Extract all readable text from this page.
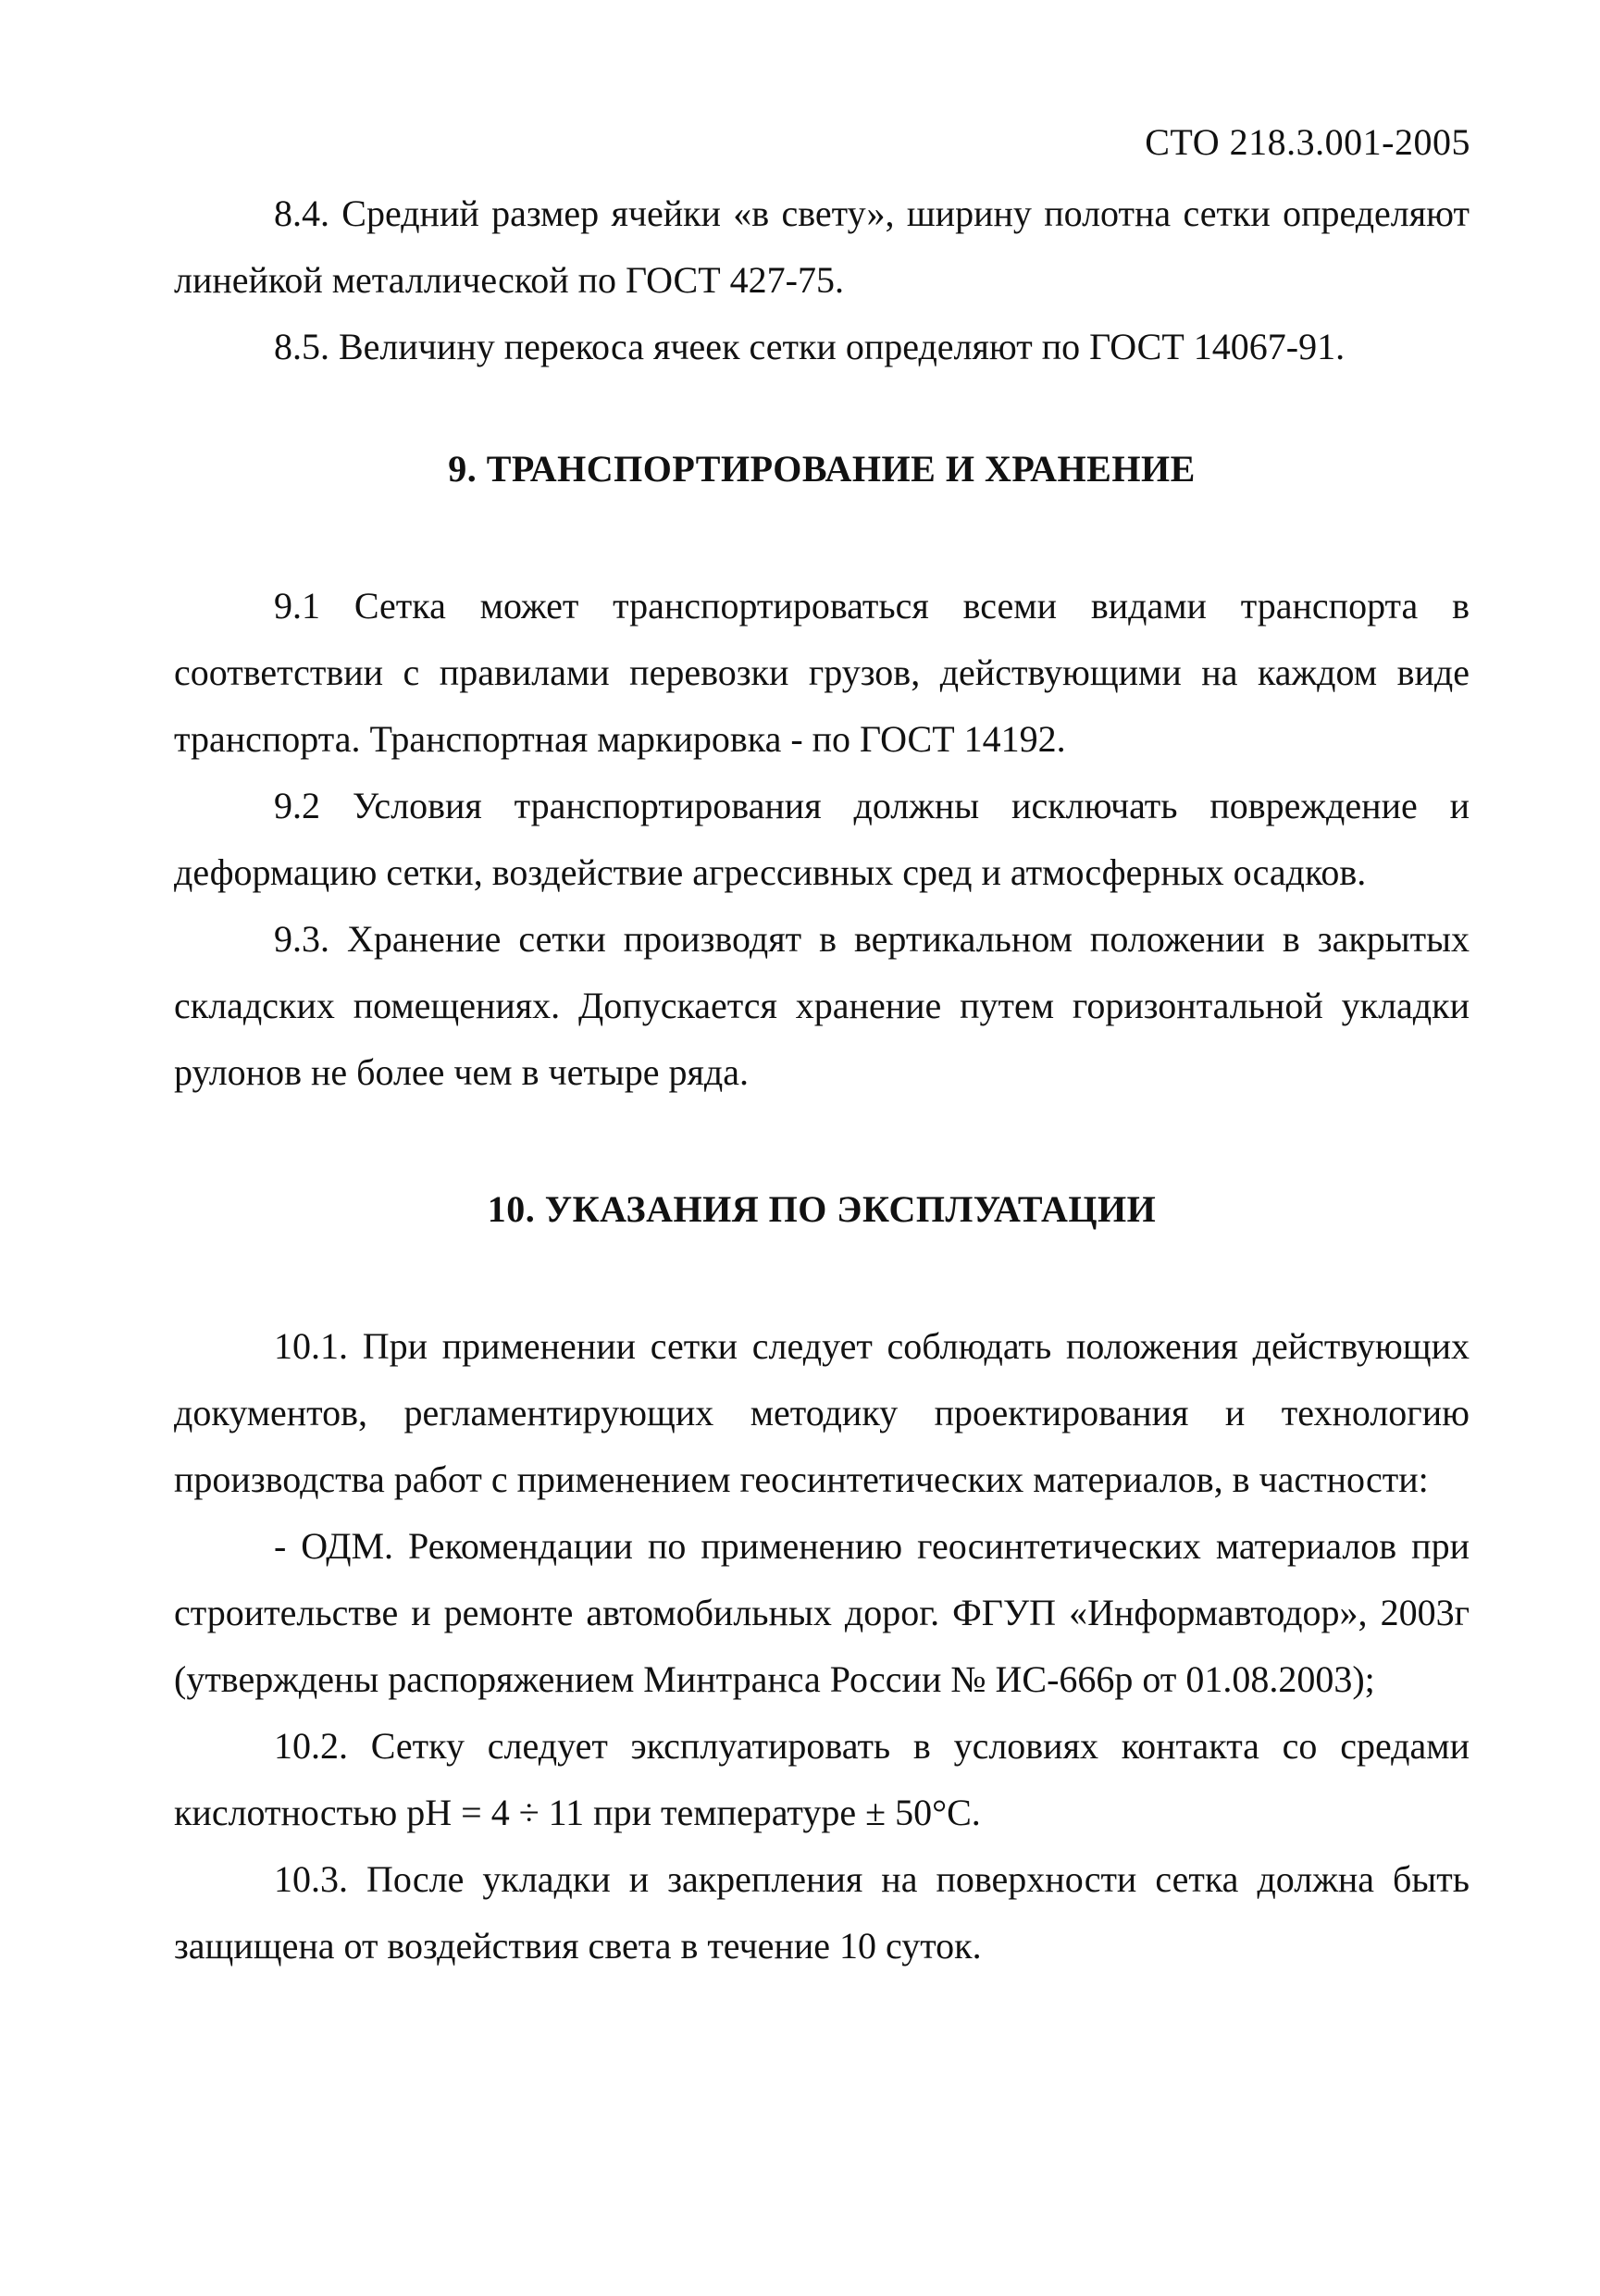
СТО 218.3.001-2005

8.4. Средний размер ячейки «в свету», ширину полотна сетки определяют линейкой металлической по ГОСТ 427-75.

8.5. Величину перекоса ячеек сетки определяют по ГОСТ 14067-91.

9. ТРАНСПОРТИРОВАНИЕ И ХРАНЕНИЕ

9.1 Сетка может транспортироваться всеми видами транспорта в соответствии с правилами перевозки грузов, действующими на каждом виде транспорта. Транспортная маркировка - по ГОСТ 14192.

9.2 Условия транспортирования должны исключать повреждение и деформацию сетки, воздействие агрессивных сред и атмосферных осадков.

9.3. Хранение сетки производят в вертикальном положении в закрытых складских помещениях. Допускается хранение путем горизонтальной укладки рулонов не более чем в четыре ряда.

10. УКАЗАНИЯ ПО ЭКСПЛУАТАЦИИ

10.1. При применении сетки следует соблюдать положения действующих документов, регламентирующих методику проектирования и технологию производства работ с применением геосинтетических материалов, в частности:

- ОДМ. Рекомендации по применению геосинтетических материалов при строительстве и ремонте автомобильных дорог. ФГУП «Информавтодор», 2003г (утверждены распоряжением Минтранса России № ИС-666р от 01.08.2003);

10.2. Сетку следует эксплуатировать в условиях контакта со средами кислотностью pH = 4 ÷ 11 при температуре ± 50°С.

10.3. После укладки и закрепления на поверхности сетка должна быть защищена от воздействия света в течение 10 суток.
